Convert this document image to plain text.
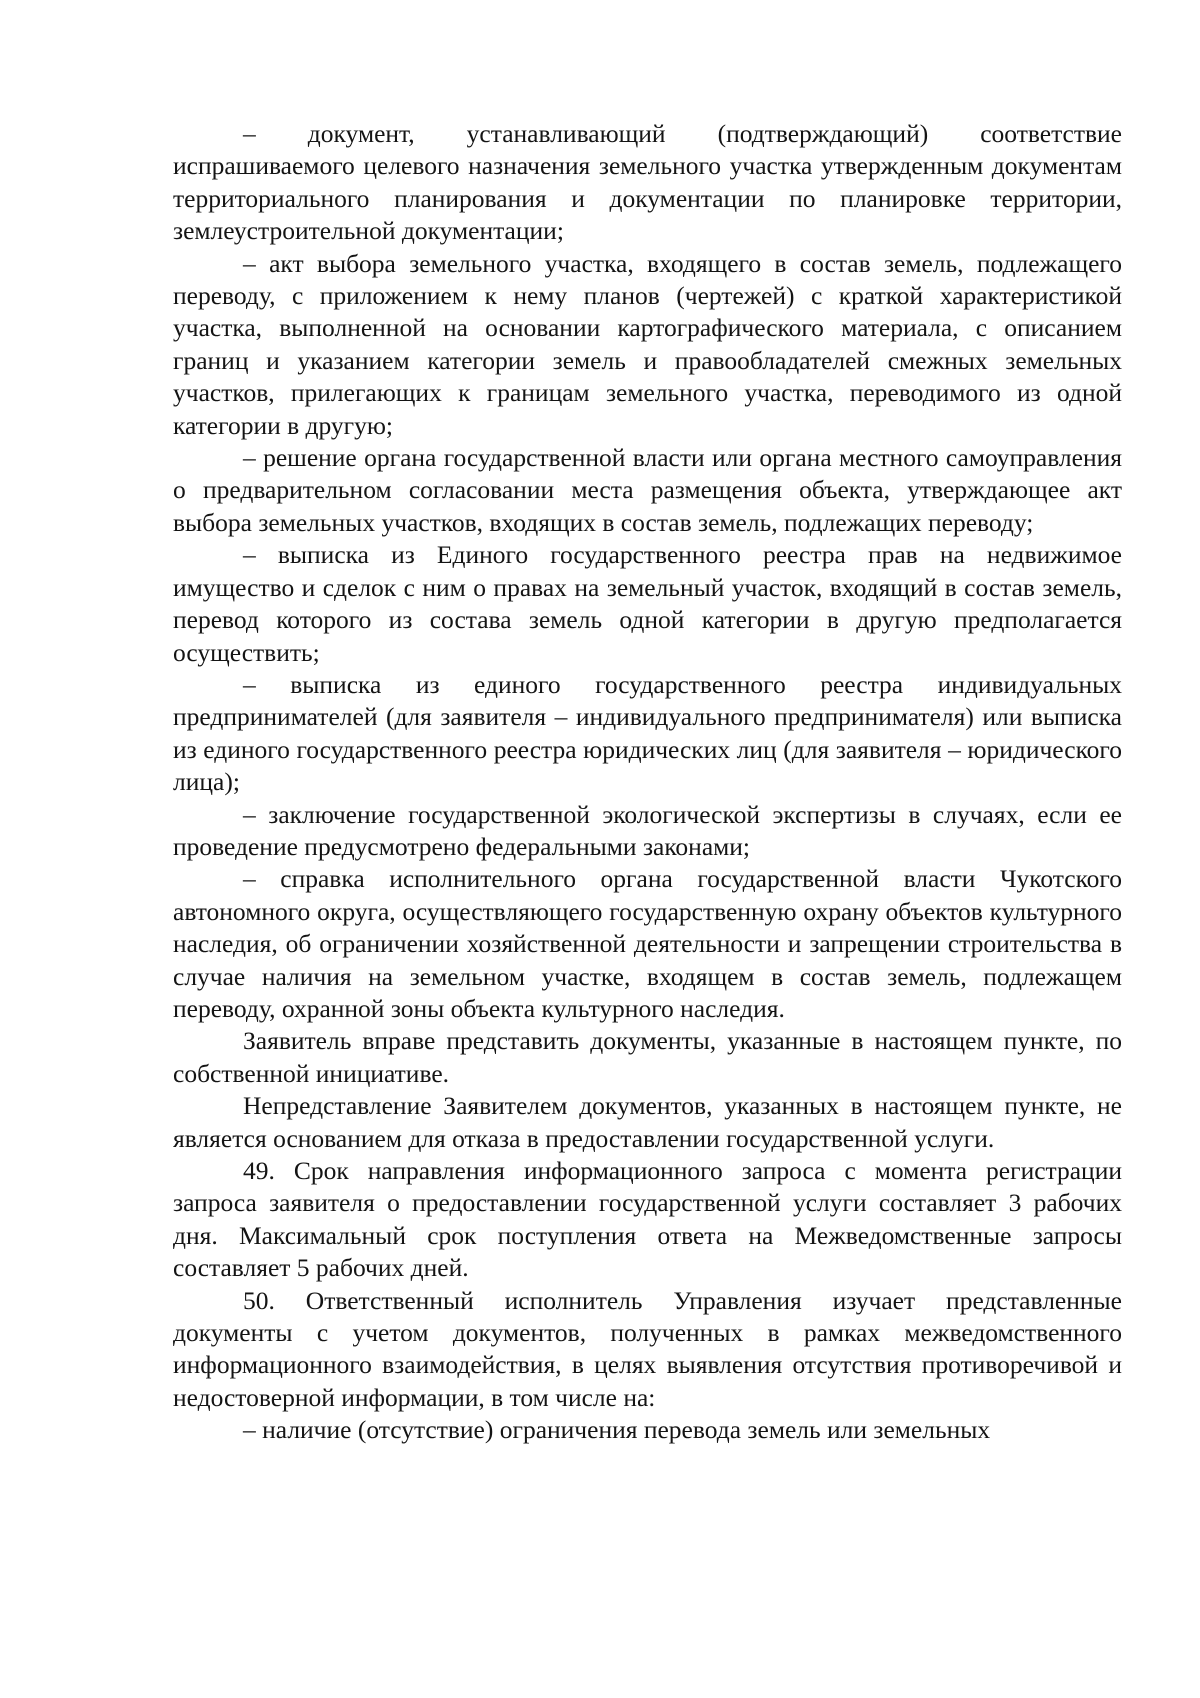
– документ, устанавливающий (подтверждающий) соответствие испрашиваемого целевого назначения земельного участка утвержденным документам территориального планирования и документации по планировке территории, землеустроительной документации;

– акт выбора земельного участка, входящего в состав земель, подлежащего переводу, с приложением к нему планов (чертежей) с краткой характеристикой участка, выполненной на основании картографического материала, с описанием границ и указанием категории земель и правообладателей смежных земельных участков, прилегающих к границам земельного участка, переводимого из одной категории в другую;

– решение органа государственной власти или органа местного самоуправления о предварительном согласовании места размещения объекта, утверждающее акт выбора земельных участков, входящих в состав земель, подлежащих переводу;

– выписка из Единого государственного реестра прав на недвижимое имущество и сделок с ним о правах на земельный участок, входящий в состав земель, перевод которого из состава земель одной категории в другую предполагается осуществить;

– выписка из единого государственного реестра индивидуальных предпринимателей (для заявителя – индивидуального предпринимателя) или выписка из единого государственного реестра юридических лиц (для заявителя – юридического лица);

– заключение государственной экологической экспертизы в случаях, если ее проведение предусмотрено федеральными законами;

– справка исполнительного органа государственной власти Чукотского автономного округа, осуществляющего государственную охрану объектов культурного наследия, об ограничении хозяйственной деятельности и запрещении строительства в случае наличия на земельном участке, входящем в состав земель, подлежащем переводу, охранной зоны объекта культурного наследия.

Заявитель вправе представить документы, указанные в настоящем пункте, по собственной инициативе.

Непредставление Заявителем документов, указанных в настоящем пункте, не является основанием для отказа в предоставлении государственной услуги.

49. Срок направления информационного запроса с момента регистрации запроса заявителя о предоставлении государственной услуги составляет 3 рабочих дня. Максимальный срок поступления ответа на Межведомственные запросы составляет 5 рабочих дней.

50. Ответственный исполнитель Управления изучает представленные документы с учетом документов, полученных в рамках межведомственного информационного взаимодействия, в целях выявления отсутствия противоречивой и недостоверной информации, в том числе на:

– наличие (отсутствие) ограничения перевода земель или земельных
